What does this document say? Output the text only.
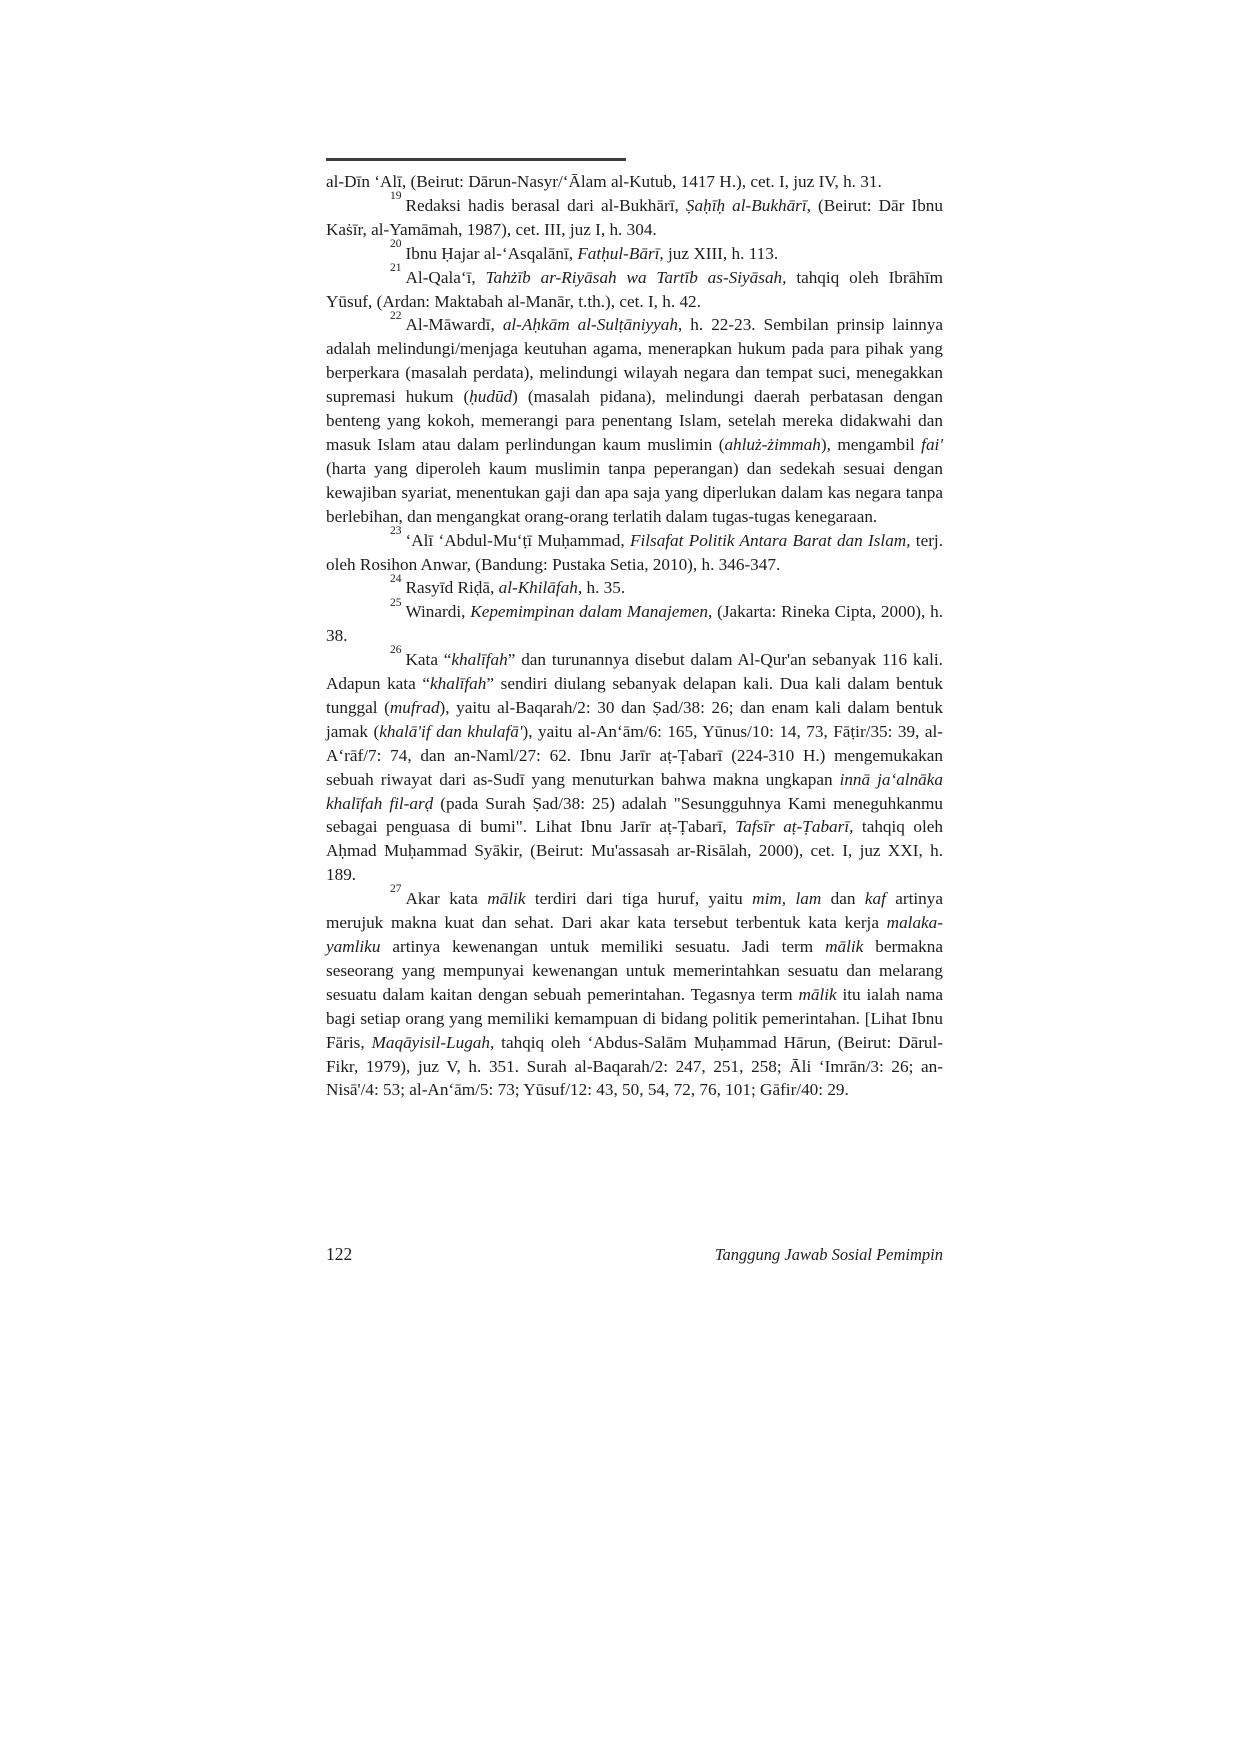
al-Dīn ‘Alī, (Beirut: Dārun-Nasyr/‘Ālam al-Kutub, 1417 H.), cet. I, juz IV, h. 31.

$^{19}$ Redaksi hadis berasal dari al-Bukhārī, Ṣaḥīḥ al-Bukhārī, (Beirut: Dār Ibnu Kaṡīr, al-Yamāmah, 1987), cet. III, juz I, h. 304.

$^{20}$ Ibnu Ḥajar al-‘Asqalānī, Fatḥul-Bārī, juz XIII, h. 113.

$^{21}$ Al-Qala‘ī, Tahżīb ar-Riyāsah wa Tartīb as-Siyāsah, tahqiq oleh Ibrāhīm Yūsuf, (Ardan: Maktabah al-Manār, t.th.), cet. I, h. 42.

$^{22}$ Al-Māwardī, al-Aḥkām al-Sulṭāniyyah, h. 22-23. Sembilan prinsip lainnya adalah melindungi/menjaga keutuhan agama, menerapkan hukum pada para pihak yang berperkara (masalah perdata), melindungi wilayah negara dan tempat suci, menegakkan supremasi hukum (ḥudūd) (masalah pidana), melindungi daerah perbatasan dengan benteng yang kokoh, memerangi para penentang Islam, setelah mereka didakwahi dan masuk Islam atau dalam perlindungan kaum muslimin (ahluż-żimmah), mengambil fai' (harta yang diperoleh kaum muslimin tanpa peperangan) dan sedekah sesuai dengan kewajiban syariat, menentukan gaji dan apa saja yang diperlukan dalam kas negara tanpa berlebihan, dan mengangkat orang-orang terlatih dalam tugas-tugas kenegaraan.

$^{23}$ ‘Alī ‘Abdul-Mu‘ṭī Muḥammad, Filsafat Politik Antara Barat dan Islam, terj. oleh Rosihon Anwar, (Bandung: Pustaka Setia, 2010), h. 346-347.

$^{24}$ Rasyīd Riḍā, al-Khilāfah, h. 35.

$^{25}$ Winardi, Kepemimpinan dalam Manajemen, (Jakarta: Rineka Cipta, 2000), h. 38.

$^{26}$ Kata “khalīfah” dan turunannya disebut dalam Al-Qur'an sebanyak 116 kali. Adapun kata “khalīfah” sendiri diulang sebanyak delapan kali. Dua kali dalam bentuk tunggal (mufrad), yaitu al-Baqarah/2: 30 dan Ṣad/38: 26; dan enam kali dalam bentuk jamak (khalā'if dan khulafā'), yaitu al-An‘ām/6: 165, Yūnus/10: 14, 73, Fāṭir/35: 39, al-A‘rāf/7: 74, dan an-Naml/27: 62. Ibnu Jarīr aṭ-Ṭabarī (224-310 H.) mengemukakan sebuah riwayat dari as-Sudī yang menuturkan bahwa makna ungkapan innā ja‘alnāka khalīfah fil-arḍ (pada Surah Ṣad/38: 25) adalah "Sesungguhnya Kami meneguhkanmu sebagai penguasa di bumi". Lihat Ibnu Jarīr aṭ-Ṭabarī, Tafsīr aṭ-Ṭabarī, tahqiq oleh Aḥmad Muḥammad Syākir, (Beirut: Mu'assasah ar-Risālah, 2000), cet. I, juz XXI, h. 189.

$^{27}$ Akar kata mālik terdiri dari tiga huruf, yaitu mim, lam dan kaf artinya merujuk makna kuat dan sehat. Dari akar kata tersebut terbentuk kata kerja malaka-yamliku artinya kewenangan untuk memiliki sesuatu. Jadi term mālik bermakna seseorang yang mempunyai kewenangan untuk memerintahkan sesuatu dan melarang sesuatu dalam kaitan dengan sebuah pemerintahan. Tegasnya term mālik itu ialah nama bagi setiap orang yang memiliki kemampuan di bidang politik pemerintahan. [Lihat Ibnu Fāris, Maqāyisil-Lugah, tahqiq oleh ‘Abdus-Salām Muḥammad Hārun, (Beirut: Dārul-Fikr, 1979), juz V, h. 351. Surah al-Baqarah/2: 247, 251, 258; Āli ‘Imrān/3: 26; an-Nisā'/4: 53; al-An‘ām/5: 73; Yūsuf/12: 43, 50, 54, 72, 76, 101; Gāfir/40: 29.

122	Tanggung Jawab Sosial Pemimpin
